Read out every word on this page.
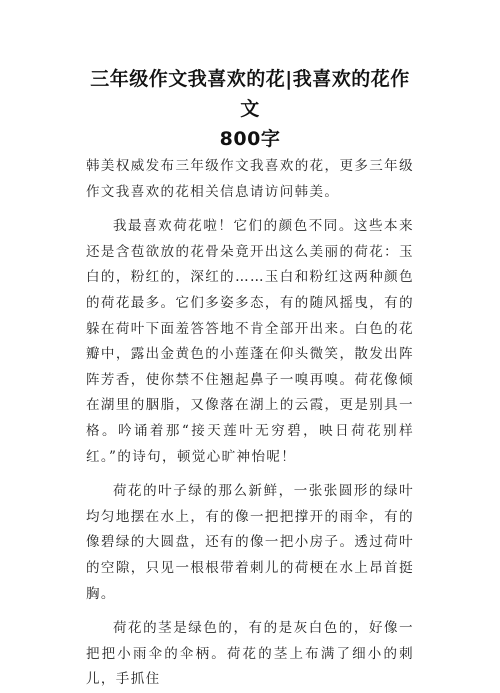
三年级作文我喜欢的花|我喜欢的花作文
800字

韩美权威发布三年级作文我喜欢的花，更多三年级作文我喜欢的花相关信息请访问韩美。

我最喜欢荷花啦！它们的颜色不同。这些本来还是含苞欲放的花骨朵竟开出这么美丽的荷花：玉白的，粉红的，深红的……玉白和粉红这两种颜色的荷花最多。它们多姿多态，有的随风摇曳，有的躲在荷叶下面羞答答地不肯全部开出来。白色的花瓣中，露出金黄色的小莲蓬在仰头微笑，散发出阵阵芳香，使你禁不住翘起鼻子一嗅再嗅。荷花像倾在湖里的胭脂，又像落在湖上的云霞，更是别具一格。吟诵着那“接天莲叶无穷碧，映日荷花别样红。”的诗句，顿觉心旷神怡呢！

荷花的叶子绿的那么新鲜，一张张圆形的绿叶均匀地摆在水上，有的像一把把撑开的雨伞，有的像碧绿的大圆盘，还有的像一把小房子。透过荷叶的空隙，只见一根根带着刺儿的荷梗在水上昂首挺胸。

荷花的茎是绿色的，有的是灰白色的，好像一把把小雨伞的伞柄。荷花的茎上布满了细小的刺儿，手抓住
